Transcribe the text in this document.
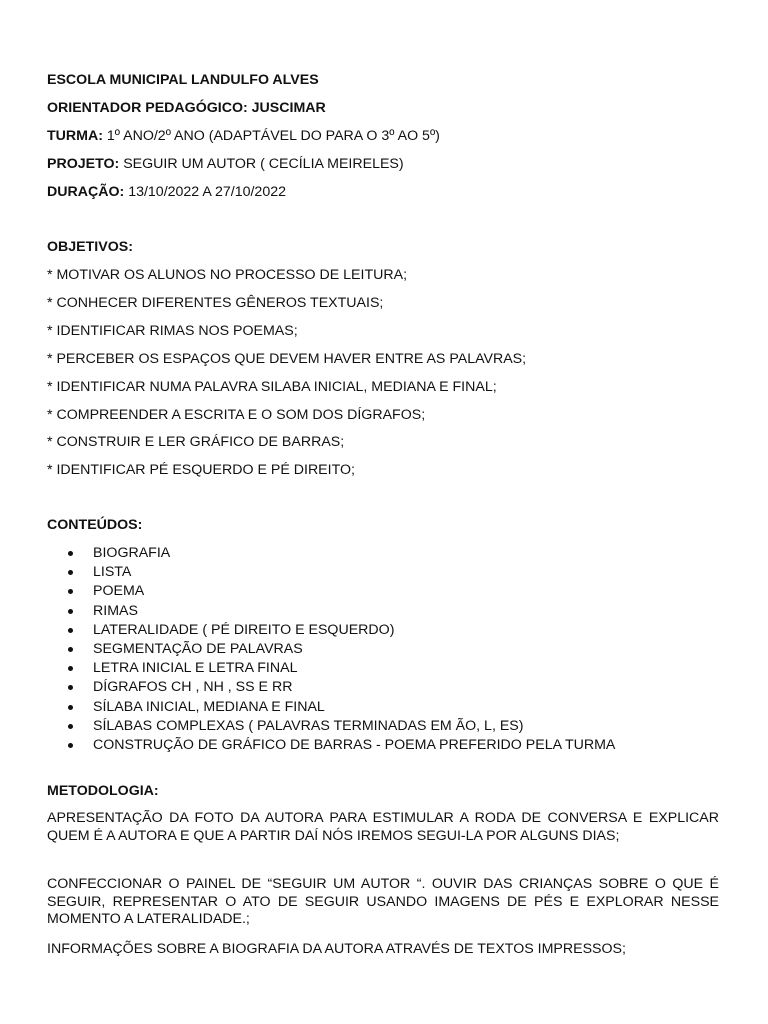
ESCOLA MUNICIPAL LANDULFO ALVES
ORIENTADOR PEDAGÓGICO: JUSCIMAR
TURMA: 1º ANO/2º ANO (ADAPTÁVEL DO PARA O 3º AO 5º)
PROJETO: SEGUIR UM AUTOR ( CECÍLIA MEIRELES)
DURAÇÃO: 13/10/2022 A 27/10/2022
OBJETIVOS:
* MOTIVAR OS ALUNOS NO PROCESSO DE LEITURA;
* CONHECER DIFERENTES GÊNEROS TEXTUAIS;
* IDENTIFICAR RIMAS NOS POEMAS;
* PERCEBER OS ESPAÇOS QUE DEVEM HAVER ENTRE AS PALAVRAS;
* IDENTIFICAR NUMA PALAVRA SILABA INICIAL, MEDIANA E FINAL;
* COMPREENDER A ESCRITA E O SOM DOS DÍGRAFOS;
* CONSTRUIR E LER GRÁFICO DE BARRAS;
* IDENTIFICAR PÉ ESQUERDO E PÉ DIREITO;
CONTEÚDOS:
BIOGRAFIA
LISTA
POEMA
RIMAS
LATERALIDADE ( PÉ DIREITO E ESQUERDO)
SEGMENTAÇÃO DE PALAVRAS
LETRA INICIAL E LETRA FINAL
DÍGRAFOS CH , NH , SS E RR
SÍLABA INICIAL, MEDIANA E FINAL
SÍLABAS COMPLEXAS ( PALAVRAS TERMINADAS EM ÃO, L, ES)
CONSTRUÇÃO DE GRÁFICO DE BARRAS - POEMA PREFERIDO PELA TURMA
METODOLOGIA:
APRESENTAÇÃO DA FOTO DA AUTORA PARA ESTIMULAR A RODA DE CONVERSA E EXPLICAR QUEM É A AUTORA E QUE A PARTIR DAÍ NÓS IREMOS SEGUI-LA POR ALGUNS DIAS;
CONFECCIONAR O PAINEL DE “SEGUIR UM AUTOR “. OUVIR DAS CRIANÇAS SOBRE O QUE É SEGUIR, REPRESENTAR O ATO DE SEGUIR USANDO IMAGENS DE PÉS E EXPLORAR NESSE MOMENTO A LATERALIDADE.;
INFORMAÇÕES SOBRE A BIOGRAFIA DA AUTORA ATRAVÉS DE TEXTOS IMPRESSOS;
